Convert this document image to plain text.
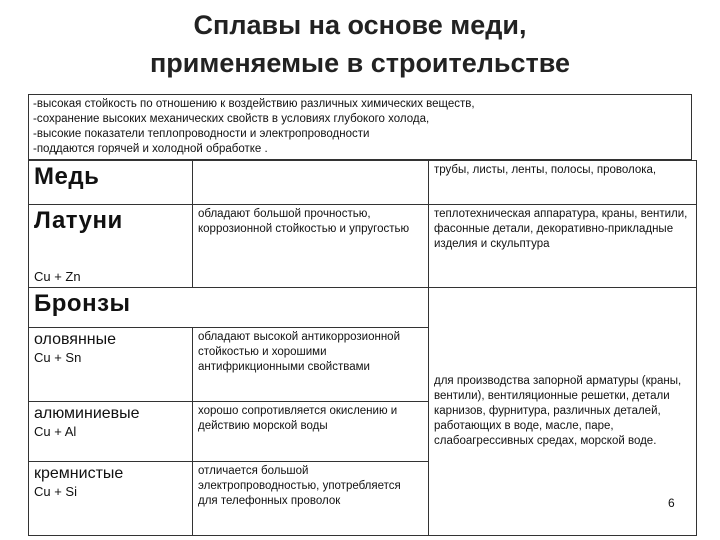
Сплавы на основе меди,
применяемые в строительстве
-высокая стойкость по отношению к воздействию различных химических веществ,
-сохранение высоких механических свойств в условиях глубокого холода,
-высокие показатели теплопроводности и электропроводности
-поддаются горячей и холодной обработке .
Медь		трубы, листы, ленты, полосы, проволока,

Латуни
Cu + Zn	обладают большой прочностью, коррозионной стойкостью и упругостью	теплотехническая аппаратура, краны, вентили, фасонные детали, декоративно-прикладные изделия и скульптура

Бронзы		для производства запорной арматуры (краны, вентили), вентиляционные решетки, детали карнизов, фурнитура, различных деталей, работающих в воде, масле, паре, слабоагрессивных средах, морской воде.

оловянные
Cu + Sn	обладают высокой антикоррозионной стойкостью и хорошими антифрикционными свойствами	

алюминиевые
Cu + Al	хорошо сопротивляется окислению и действию морской воды	

кремнистые
Cu + Si	отличается большой электропроводностью, употребляется для телефонных проволок		6
